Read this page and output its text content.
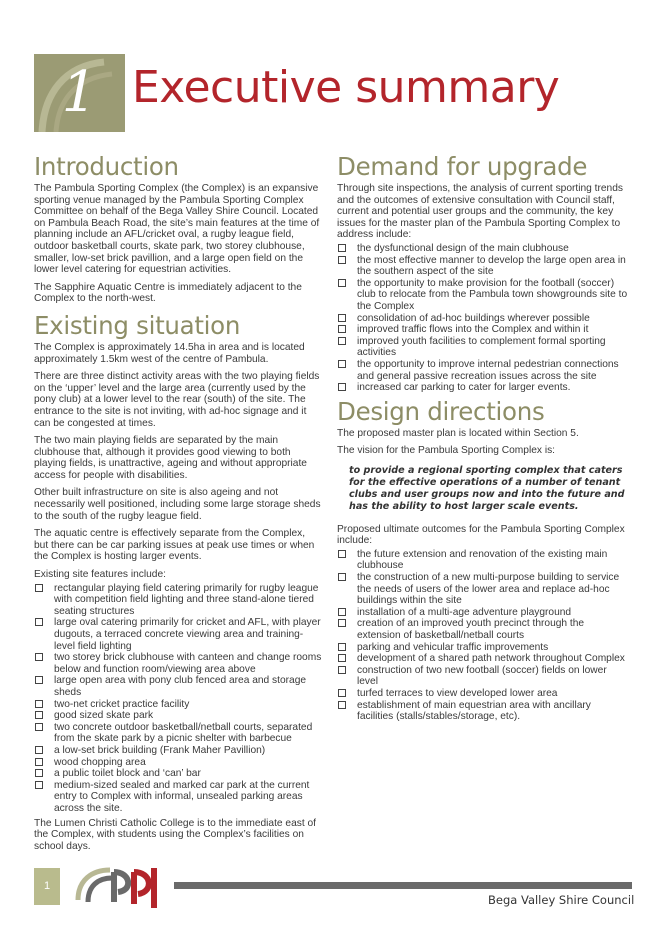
1 Executive summary
Introduction

The Pambula Sporting Complex (the Complex) is an expansive sporting venue managed by the Pambula Sporting Complex Committee on behalf of the Bega Valley Shire Council. Located on Pambula Beach Road, the site’s main features at the time of planning include an AFL/cricket oval, a rugby league field, outdoor basketball courts, skate park, two storey clubhouse, smaller, low-set brick pavillion, and a large open field on the lower level catering for equestrian activities.

The Sapphire Aquatic Centre is immediately adjacent to the Complex to the north-west.

Existing situation

The Complex is approximately 14.5ha in area and is located approximately 1.5km west of the centre of Pambula.

There are three distinct activity areas with the two playing fields on the ‘upper’ level and the large area (currently used by the pony club) at a lower level to the rear (south) of the site. The entrance to the site is not inviting, with ad-hoc signage and it can be congested at times.

The two main playing fields are separated by the main clubhouse that, although it provides good viewing to both playing fields, is unattractive, ageing and without appropriate access for people with disabilities.

Other built infrastructure on site is also ageing and not necessarily well positioned, including some large storage sheds to the south of the rugby league field.

The aquatic centre is effectively separate from the Complex, but there can be car parking issues at peak use times or when the Complex is hosting larger events.

Existing site features include:

rectangular playing field catering primarily for rugby league with competition field lighting and three stand-alone tiered seating structures
large oval catering primarily for cricket and AFL, with player dugouts, a terraced concrete viewing area and training-level field lighting
two storey brick clubhouse with canteen and change rooms below and function room/viewing area above
large open area with pony club fenced area and storage sheds
two-net cricket practice facility
good sized skate park
two concrete outdoor basketball/netball courts, separated from the skate park by a picnic shelter with barbecue
a low-set brick building (Frank Maher Pavillion)
wood chopping area
a public toilet block and ‘can’ bar
medium-sized sealed and marked car park at the current entry to Complex with informal, unsealed parking areas across the site.

The Lumen Christi Catholic College is to the immediate east of the Complex, with students using the Complex’s facilities on school days.

Demand for upgrade

Through site inspections, the analysis of current sporting trends and the outcomes of extensive consultation with Council staff, current and potential user groups and the community, the key issues for the master plan of the Pambula Sporting Complex to address include:

the dysfunctional design of the main clubhouse
the most effective manner to develop the large open area in the southern aspect of the site
the opportunity to make provision for the football (soccer) club to relocate from the Pambula town showgrounds site to the Complex
consolidation of ad-hoc buildings wherever possible
improved traffic flows into the Complex and within it
improved youth facilities to complement formal sporting activities
the opportunity to improve internal pedestrian connections and general passive recreation issues across the site
increased car parking to cater for larger events.
Design directions

The proposed master plan is located within Section 5.

The vision for the Pambula Sporting Complex is:

to provide a regional sporting complex that caters for the effective operations of a number of tenant clubs and user groups now and into the future and has the ability to host larger scale events.

Proposed ultimate outcomes for the Pambula Sporting Complex include:

the future extension and renovation of the existing main clubhouse
the construction of a new multi-purpose building to service the needs of users of the lower area and replace ad-hoc buildings within the site
installation of a multi-age adventure playground
creation of an improved youth precinct through the extension of basketball/netball courts
parking and vehicular traffic improvements
development of a shared path network throughout Complex
construction of two new football (soccer) fields on lower level
turfed terraces to view developed lower area
establishment of main equestrian area with ancillary facilities (stalls/stables/storage, etc).
1
Bega Valley Shire Council
